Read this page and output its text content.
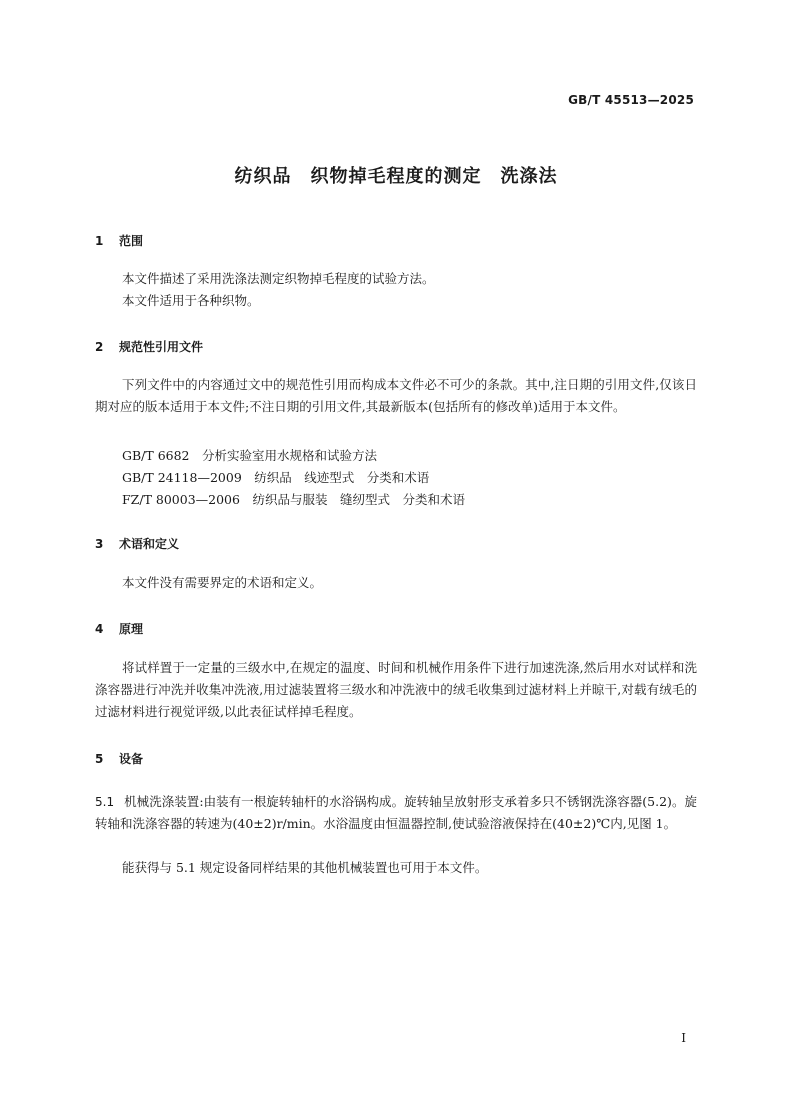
GB/T 45513—2025
纺织品　织物掉毛程度的测定　洗涤法
1 范围
本文件描述了采用洗涤法测定织物掉毛程度的试验方法。
本文件适用于各种织物。
2 规范性引用文件
下列文件中的内容通过文中的规范性引用而构成本文件必不可少的条款。其中,注日期的引用文件,仅该日期对应的版本适用于本文件;不注日期的引用文件,其最新版本(包括所有的修改单)适用于本文件。
GB/T 6682　分析实验室用水规格和试验方法
GB/T 24118—2009　纺织品　线迹型式　分类和术语
FZ/T 80003—2006　纺织品与服装　缝纫型式　分类和术语
3 术语和定义
本文件没有需要界定的术语和定义。
4 原理
将试样置于一定量的三级水中,在规定的温度、时间和机械作用条件下进行加速洗涤,然后用水对试样和洗涤容器进行冲洗并收集冲洗液,用过滤装置将三级水和冲洗液中的绒毛收集到过滤材料上并晾干,对载有绒毛的过滤材料进行视觉评级,以此表征试样掉毛程度。
5 设备
5.1 机械洗涤装置:由装有一根旋转轴杆的水浴锅构成。旋转轴呈放射形支承着多只不锈钢洗涤容器(5.2)。旋转轴和洗涤容器的转速为(40±2)r/min。水浴温度由恒温器控制,使试验溶液保持在(40±2)℃内,见图 1。
能获得与 5.1 规定设备同样结果的其他机械装置也可用于本文件。
I
